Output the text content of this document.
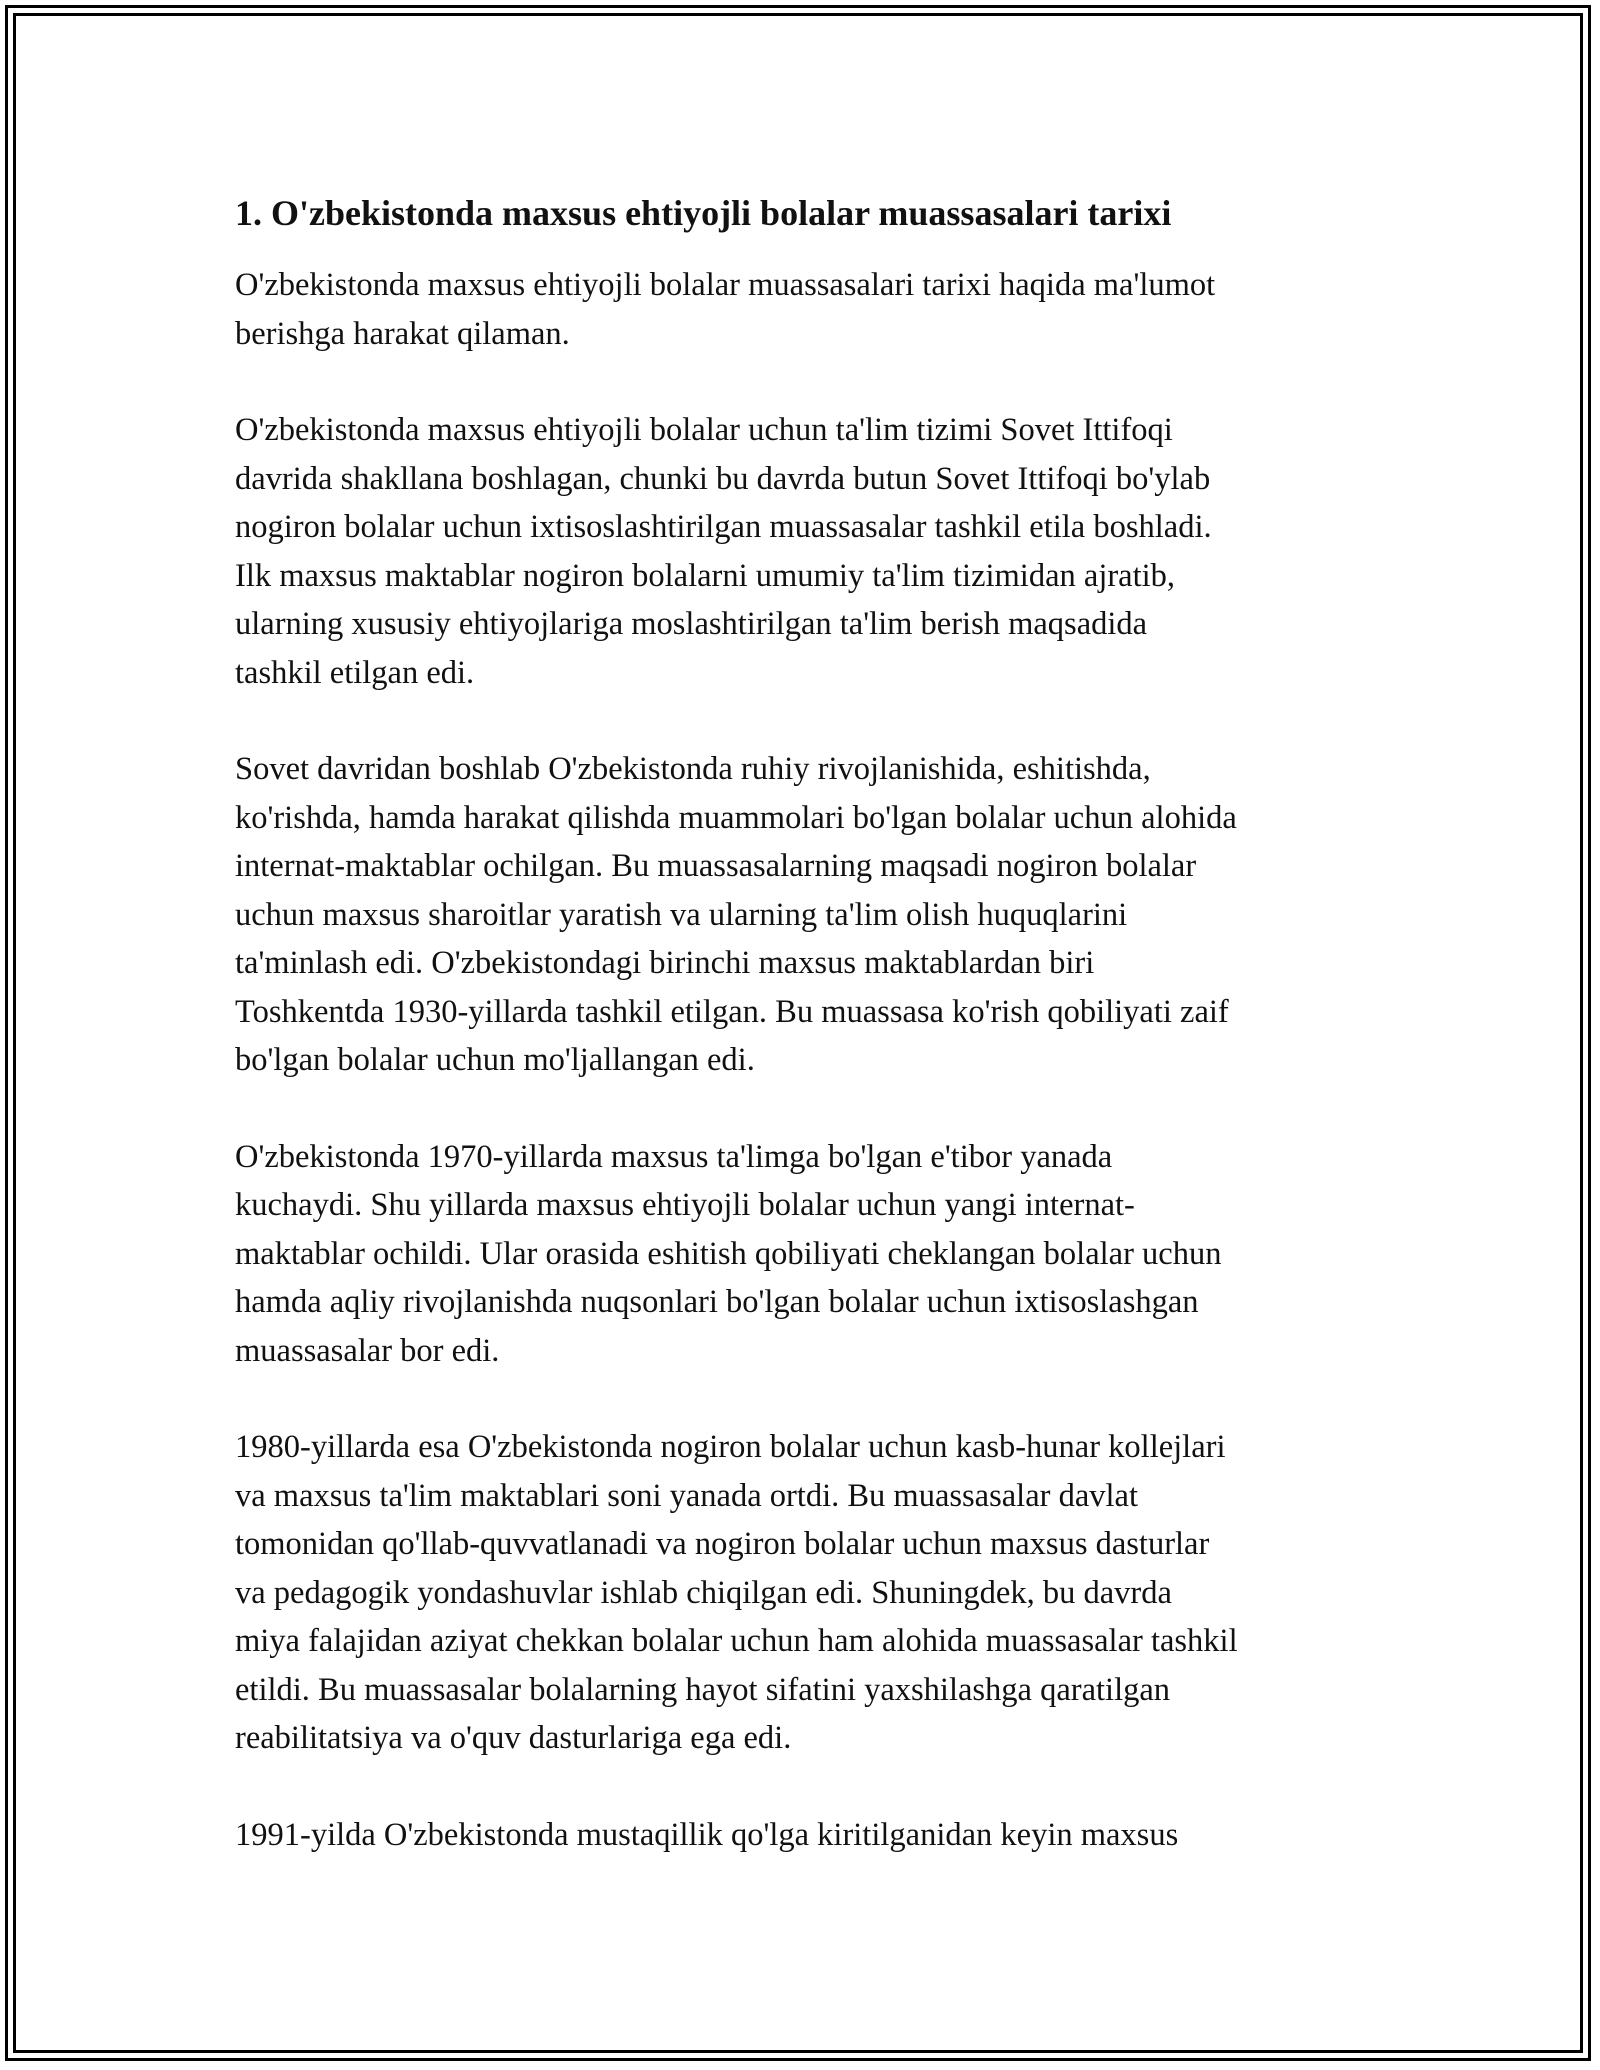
1. O'zbekistonda maxsus ehtiyojli bolalar muassasalari tarixi

O'zbekistonda maxsus ehtiyojli bolalar muassasalari tarixi haqida ma'lumot
berishga harakat qilaman.

O'zbekistonda maxsus ehtiyojli bolalar uchun ta'lim tizimi Sovet Ittifoqi
davrida shakllana boshlagan, chunki bu davrda butun Sovet Ittifoqi bo'ylab
nogiron bolalar uchun ixtisoslashtirilgan muassasalar tashkil etila boshladi.
Ilk maxsus maktablar nogiron bolalarni umumiy ta'lim tizimidan ajratib,
ularning xususiy ehtiyojlariga moslashtirilgan ta'lim berish maqsadida
tashkil etilgan edi.

Sovet davridan boshlab O'zbekistonda ruhiy rivojlanishida, eshitishda,
ko'rishda, hamda harakat qilishda muammolari bo'lgan bolalar uchun alohida
internat-maktablar ochilgan. Bu muassasalarning maqsadi nogiron bolalar
uchun maxsus sharoitlar yaratish va ularning ta'lim olish huquqlarini
ta'minlash edi. O'zbekistondagi birinchi maxsus maktablardan biri
Toshkentda 1930-yillarda tashkil etilgan. Bu muassasa ko'rish qobiliyati zaif
bo'lgan bolalar uchun mo'ljallangan edi.

O'zbekistonda 1970-yillarda maxsus ta'limga bo'lgan e'tibor yanada
kuchaydi. Shu yillarda maxsus ehtiyojli bolalar uchun yangi internat-
maktablar ochildi. Ular orasida eshitish qobiliyati cheklangan bolalar uchun
hamda aqliy rivojlanishda nuqsonlari bo'lgan bolalar uchun ixtisoslashgan
muassasalar bor edi.

1980-yillarda esa O'zbekistonda nogiron bolalar uchun kasb-hunar kollejlari
va maxsus ta'lim maktablari soni yanada ortdi. Bu muassasalar davlat
tomonidan qo'llab-quvvatlanadi va nogiron bolalar uchun maxsus dasturlar
va pedagogik yondashuvlar ishlab chiqilgan edi. Shuningdek, bu davrda
miya falajidan aziyat chekkan bolalar uchun ham alohida muassasalar tashkil
etildi. Bu muassasalar bolalarning hayot sifatini yaxshilashga qaratilgan
reabilitatsiya va o'quv dasturlariga ega edi.

1991-yilda O'zbekistonda mustaqillik qo'lga kiritilganidan keyin maxsus
